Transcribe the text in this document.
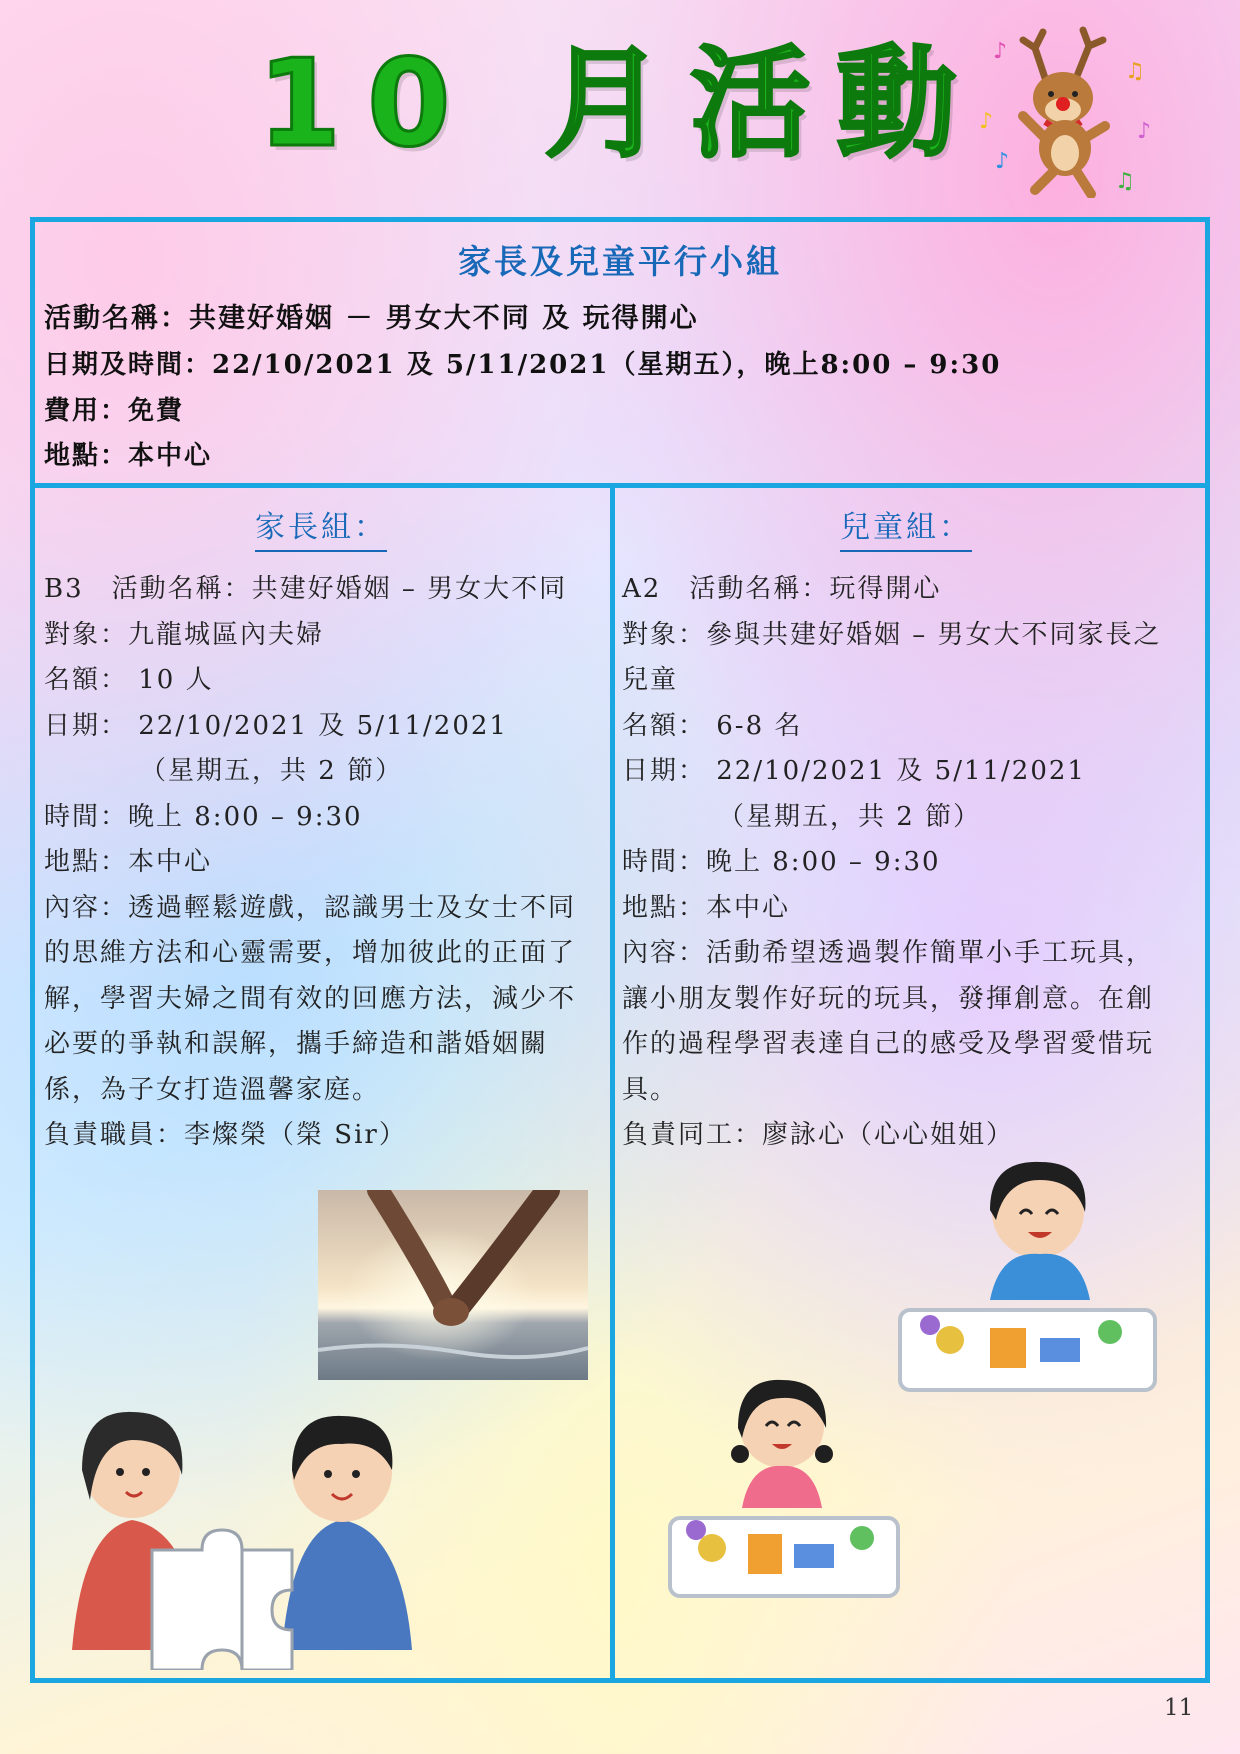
10 月活動 ♪
♫
♪	♪
♪
♫
家長及兒童平行小組
活動名稱：共建好婚姻 － 男女大不同 及 玩得開心
日期及時間：22/10/2021 及 5/11/2021（星期五），晚上8:00 – 9:30
費用：免費
地點：本中心
家長組：	兒童組：
B3　活動名稱：共建好婚姻 – 男女大不同
對象：九龍城區內夫婦
名額： 10 人
日期： 22/10/2021 及 5/11/2021
（星期五，共 2 節）
時間：晚上 8:00 – 9:30
地點：本中心
內容：透過輕鬆遊戲，認識男士及女士不同
的思維方法和心靈需要，增加彼此的正面了
解，學習夫婦之間有效的回應方法，減少不
必要的爭執和誤解，攜手締造和諧婚姻關
係，為子女打造溫馨家庭。
負責職員：李燦榮（榮 Sir）
A2　活動名稱：玩得開心
對象：參與共建好婚姻 – 男女大不同家長之
兒童
名額： 6-8 名
日期： 22/10/2021 及 5/11/2021
（星期五，共 2 節）
時間：晚上 8:00 – 9:30
地點：本中心
內容：活動希望透過製作簡單小手工玩具，
讓小朋友製作好玩的玩具，發揮創意。在創
作的過程學習表達自己的感受及學習愛惜玩
具。
負責同工：廖詠心（心心姐姐）
11
